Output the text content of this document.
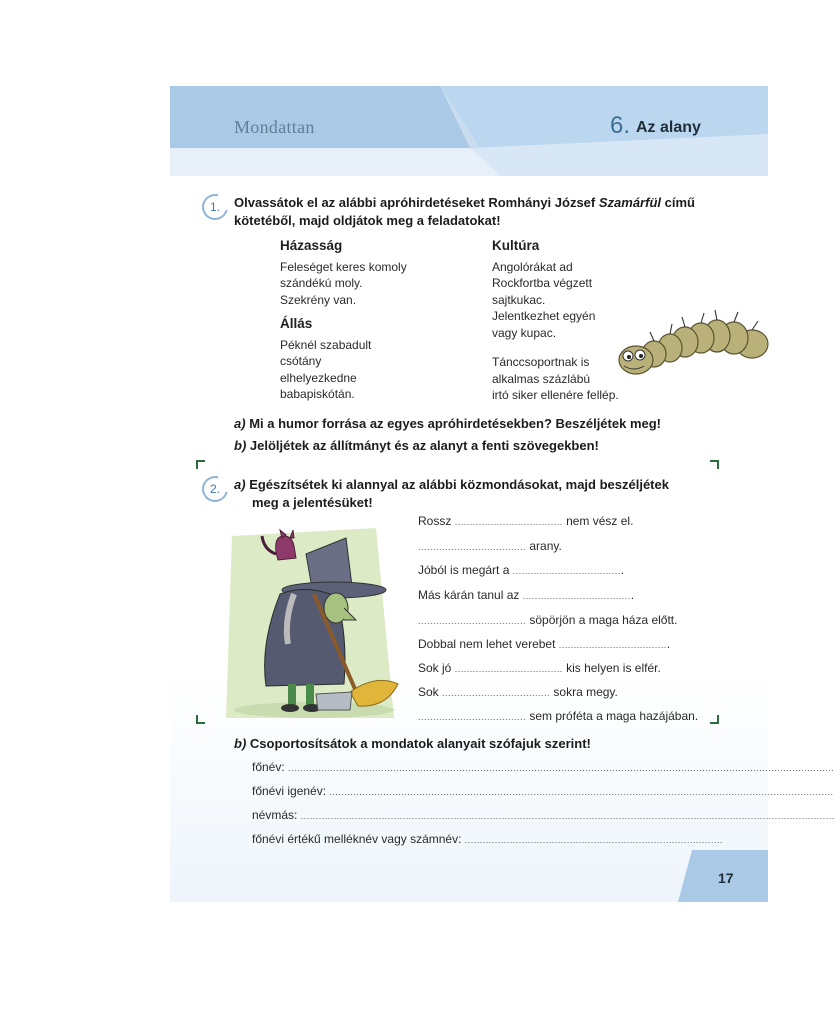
Mondattan	6. Az alany
1.	Olvassátok el az alábbi apróhirdetéseket Romhányi József Szamárfül című kötetéből, majd oldjátok meg a feladatokat!
Házasság
Feleséget keres komoly
szándékú moly.
Szekrény van.
Állás
Péknél szabadult
csótány
elhelyezkedne
babapiskótán.
Kultúra
Angolórákat ad
Rockfortba végzett
sajtkukac.
Jelentkezhet egyén
vagy kupac.
Tánccsoportnak is
alkalmas százlábú
irtó siker ellenére fellép.
a) Mi a humor forrása az egyes apróhirdetésekben? Beszéljétek meg!
b) Jelöljétek az állítmányt és az alanyt a fenti szövegekben!
2.	a) Egészítsétek ki alannyal az alábbi közmondásokat, majd beszéljétek
meg a jelentésüket!
Rossz .................................... nem vész el.
.................................... arany.
Jóból is megárt a .....................................
Más kárán tanul az .....................................
.................................... söpörjön a maga háza előtt.
Dobbal nem lehet verebet .....................................
Sok jó .................................... kis helyen is elfér.
Sok .................................... sokra megy.
.................................... sem próféta a maga hazájában.
b) Csoportosítsátok a mondatok alanyait szófajuk szerint!
főnév: ......................................................................................................................................................................................
főnévi igenév: ........................................................................................................................................................................
névmás: ..................................................................................................................................................................................
főnévi értékű melléknév vagy számnév: ......................................................................................
17
